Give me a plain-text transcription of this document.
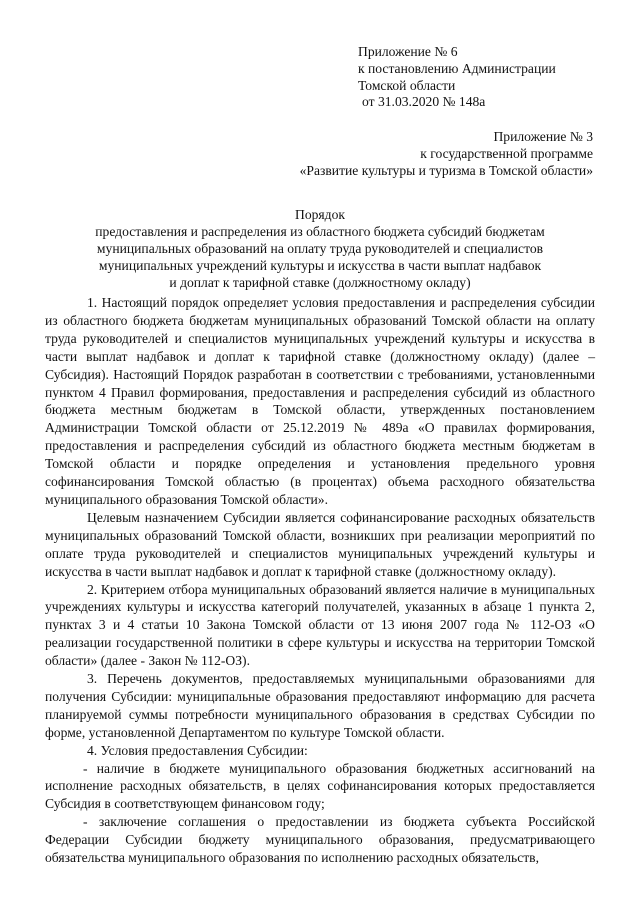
Приложение № 6
к постановлению Администрации
Томской области
от 31.03.2020 № 148а
Приложение № 3
к государственной программе
«Развитие культуры и туризма в Томской области»
Порядок
предоставления и распределения из областного бюджета субсидий бюджетам
муниципальных образований на оплату труда руководителей и специалистов
муниципальных учреждений культуры и искусства в части выплат надбавок
и доплат к тарифной ставке (должностному окладу)

1. Настоящий порядок определяет условия предоставления и распределения субсидии из областного бюджета бюджетам муниципальных образований Томской области на оплату труда руководителей и специалистов муниципальных учреждений культуры и искусства в части выплат надбавок и доплат к тарифной ставке (должностному окладу) (далее – Субсидия). Настоящий Порядок разработан в соответствии с требованиями, установленными пунктом 4 Правил формирования, предоставления и распределения субсидий из областного бюджета местным бюджетам в Томской области, утвержденных постановлением Администрации Томской области от 25.12.2019 № 489а «О правилах формирования, предоставления и распределения субсидий из областного бюджета местным бюджетам в Томской области и порядке определения и установления предельного уровня софинансирования Томской областью (в процентах) объема расходного обязательства муниципального образования Томской области».

Целевым назначением Субсидии является софинансирование расходных обязательств муниципальных образований Томской области, возникших при реализации мероприятий по оплате труда руководителей и специалистов муниципальных учреждений культуры и искусства в части выплат надбавок и доплат к тарифной ставке (должностному окладу).

2. Критерием отбора муниципальных образований является наличие в муниципальных учреждениях культуры и искусства категорий получателей, указанных в абзаце 1 пункта 2, пунктах 3 и 4 статьи 10 Закона Томской области от 13 июня 2007 года № 112-ОЗ «О реализации государственной политики в сфере культуры и искусства на территории Томской области» (далее - Закон № 112-ОЗ).

3. Перечень документов, предоставляемых муниципальными образованиями для получения Субсидии: муниципальные образования предоставляют информацию для расчета планируемой суммы потребности муниципального образования в средствах Субсидии по форме, установленной Департаментом по культуре Томской области.

4. Условия предоставления Субсидии:

- наличие в бюджете муниципального образования бюджетных ассигнований на исполнение расходных обязательств, в целях софинансирования которых предоставляется Субсидия в соответствующем финансовом году;

- заключение соглашения о предоставлении из бюджета субъекта Российской Федерации Субсидии бюджету муниципального образования, предусматривающего обязательства муниципального образования по исполнению расходных обязательств,
